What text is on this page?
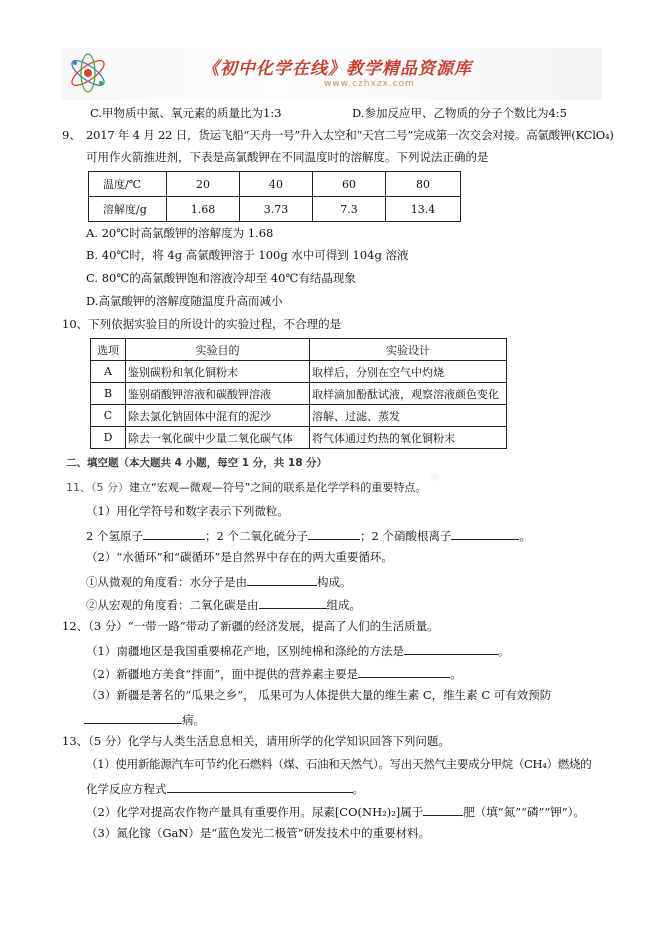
《初中化学在线》教学精品资源库
www.czhxzx.com
C.甲物质中氮、氧元素的质量比为1:3	D.参加反应甲、乙物质的分子个数比为4:5
9、 2017 年 4 月 22 日，货运飞船“天舟一号”升入太空和“天宫二号”完成第一次交会对接。高氯酸钾(KClO₄)
可用作火箭推进剂，下表是高氯酸钾在不同温度时的溶解度。下列说法正确的是
温度/℃	20	40	60	80
溶解度/g	1.68	3.73	7.3	13.4
A. 20℃时高氯酸钾的溶解度为 1.68
B. 40℃时，将 4g 高氯酸钾溶于 100g 水中可得到 104g 溶液
C. 80℃的高氯酸钾饱和溶液冷却至 40℃有结晶现象
D.高氯酸钾的溶解度随温度升高而减小
10、下列依据实验目的所设计的实验过程，不合理的是
选项	实验目的	实验设计
A	鉴别碳粉和氧化铜粉末	取样后，分别在空气中灼烧
B	鉴别硝酸钾溶液和碳酸钾溶液	取样滴加酚酞试液，观察溶液颜色变化
C	除去氯化钠固体中混有的泥沙	溶解、过滤、蒸发
D	除去一氧化碳中少量二氧化碳气体	将气体通过灼热的氧化铜粉末
二、填空题（本大题共 4 小题，每空 1 分，共 18 分）
✻
11、（5 分）建立“宏观—微观—符号”之间的联系是化学学科的重要特点。
（1）用化学符号和数字表示下列微粒。
2 个氢原子	；2 个二氧化硫分子	；2 个硝酸根离子	。
（2）“水循环”和“碳循环”是自然界中存在的两大重要循环。
①从微观的角度看：水分子是由	构成。
②从宏观的角度看：二氧化碳是由	组成。
12、（3 分）“一带一路”带动了新疆的经济发展，提高了人们的生活质量。
（1）南疆地区是我国重要棉花产地，区别纯棉和涤纶的方法是	。
（2）新疆地方美食“拌面”，面中提供的营养素主要是	。
（3）新疆是著名的“瓜果之乡”， 瓜果可为人体提供大量的维生素 C，维生素 C 可有效预防
病。
13、（5 分）化学与人类生活息息相关，请用所学的化学知识回答下列问题。
（1）使用新能源汽车可节约化石燃料（煤、石油和天然气）。写出天然气主要成分甲烷（CH₄）燃烧的
化学反应方程式	。
（2）化学对提高农作物产量具有重要作用。尿素[CO(NH₂)₂]属于	肥（填“氮”“磷”“钾”）。
（3）氮化镓（GaN）是“蓝色发光二极管”研发技术中的重要材料。
